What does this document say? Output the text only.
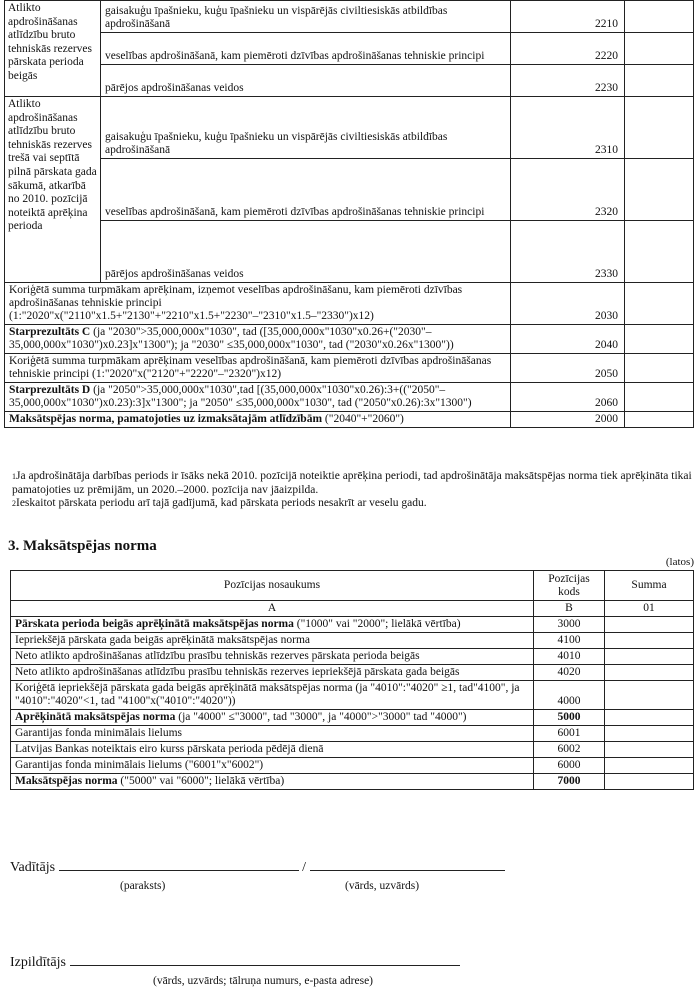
Atlikto apdrošināšanas atlīdzību bruto tehniskās rezerves pārskata perioda beigās	gaisakuģu īpašnieku, kuģu īpašnieku un vispārējās civiltiesiskās atbildības apdrošināšanā	2210	
	veselības apdrošināšanā, kam piemēroti dzīvības apdrošināšanas tehniskie principi	2220	
	pārējos apdrošināšanas veidos	2230	
Atlikto apdrošināšanas atlīdzību bruto tehniskās rezerves trešā vai septītā pilnā pārskata gada sākumā, atkarībā no 2010. pozīcijā noteiktā aprēķina perioda	gaisakuģu īpašnieku, kuģu īpašnieku un vispārējās civiltiesiskās atbildības apdrošināšanā	2310	
	veselības apdrošināšanā, kam piemēroti dzīvības apdrošināšanas tehniskie principi	2320	
	pārējos apdrošināšanas veidos	2330	
Koriģētā summa turpmākam aprēķinam, izņemot veselības apdrošināšanu, kam piemēroti dzīvības apdrošināšanas tehniskie principi (1:"2020"x("2110"x1.5+"2130"+"2210"x1.5+"2230"–"2310"x1.5–"2330")x12)		2030	
Starprezultāts C (ja "2030">35,000,000x"1030", tad ([35,000,000x"1030"x0.26+("2030"–35,000,000x"1030")x0.23]x"1300"); ja "2030" ≤35,000,000x"1030", tad ("2030"x0.26x"1300"))		2040	
Koriģētā summa turpmākam aprēķinam veselības apdrošināšanā, kam piemēroti dzīvības apdrošināšanas tehniskie principi (1:"2020"x("2120"+"2220"–"2320")x12)		2050	
Starprezultāts D (ja "2050">35,000,000x"1030",tad [(35,000,000x"1030"x0.26):3+(("2050"–35,000,000x"1030")x0.23):3]x"1300"; ja "2050" ≤35,000,000x"1030", tad ("2050"x0.26):3x"1300")		2060	
Maksātspējas norma, pamatojoties uz izmaksātajām atlīdzībām ("2040"+"2060")		2000	
$^1$Ja apdrošinātāja darbības periods ir īsāks nekā 2010. pozīcijā noteiktie aprēķina periodi, tad apdrošinātāja maksātspējas norma tiek aprēķināta tikai pamatojoties uz prēmijām, un 2020.–2000. pozīcija nav jāaizpilda.
$^2$Ieskaitot pārskata periodu arī tajā gadījumā, kad pārskata periods nesakrīt ar veselu gadu.
3. Maksātspējas norma
(latos)
Pozīcijas nosaukums	Pozīcijas kods	Summa
A	B	01
Pārskata perioda beigās aprēķinātā maksātspējas norma ("1000" vai "2000"; lielākā vērtība)	3000	
Iepriekšējā pārskata gada beigās aprēķinātā maksātspējas norma	4100	
Neto atlikto apdrošināšanas atlīdzību prasību tehniskās rezerves pārskata perioda beigās	4010	
Neto atlikto apdrošināšanas atlīdzību prasību tehniskās rezerves iepriekšējā pārskata gada beigās	4020	
Koriģētā iepriekšējā pārskata gada beigās aprēķinātā maksātspējas norma (ja "4010":"4020" ≥1, tad"4100", ja "4010":"4020"<1, tad "4100"x("4010":"4020"))	4000	
Aprēķinātā maksātspējas norma (ja "4000" ≤"3000", tad "3000", ja "4000">"3000" tad "4000")	5000	
Garantijas fonda minimālais lielums	6001	
Latvijas Bankas noteiktais eiro kurss pārskata perioda pēdējā dienā	6002	
Garantijas fonda minimālais lielums ("6001"x"6002")	6000	
Maksātspējas norma ("5000" vai "6000"; lielākā vērtība)	7000	
Vadītājs	/
(paraksts)	(vārds, uzvārds)
Izpildītājs
(vārds, uzvārds; tālruņa numurs, e-pasta adrese)
